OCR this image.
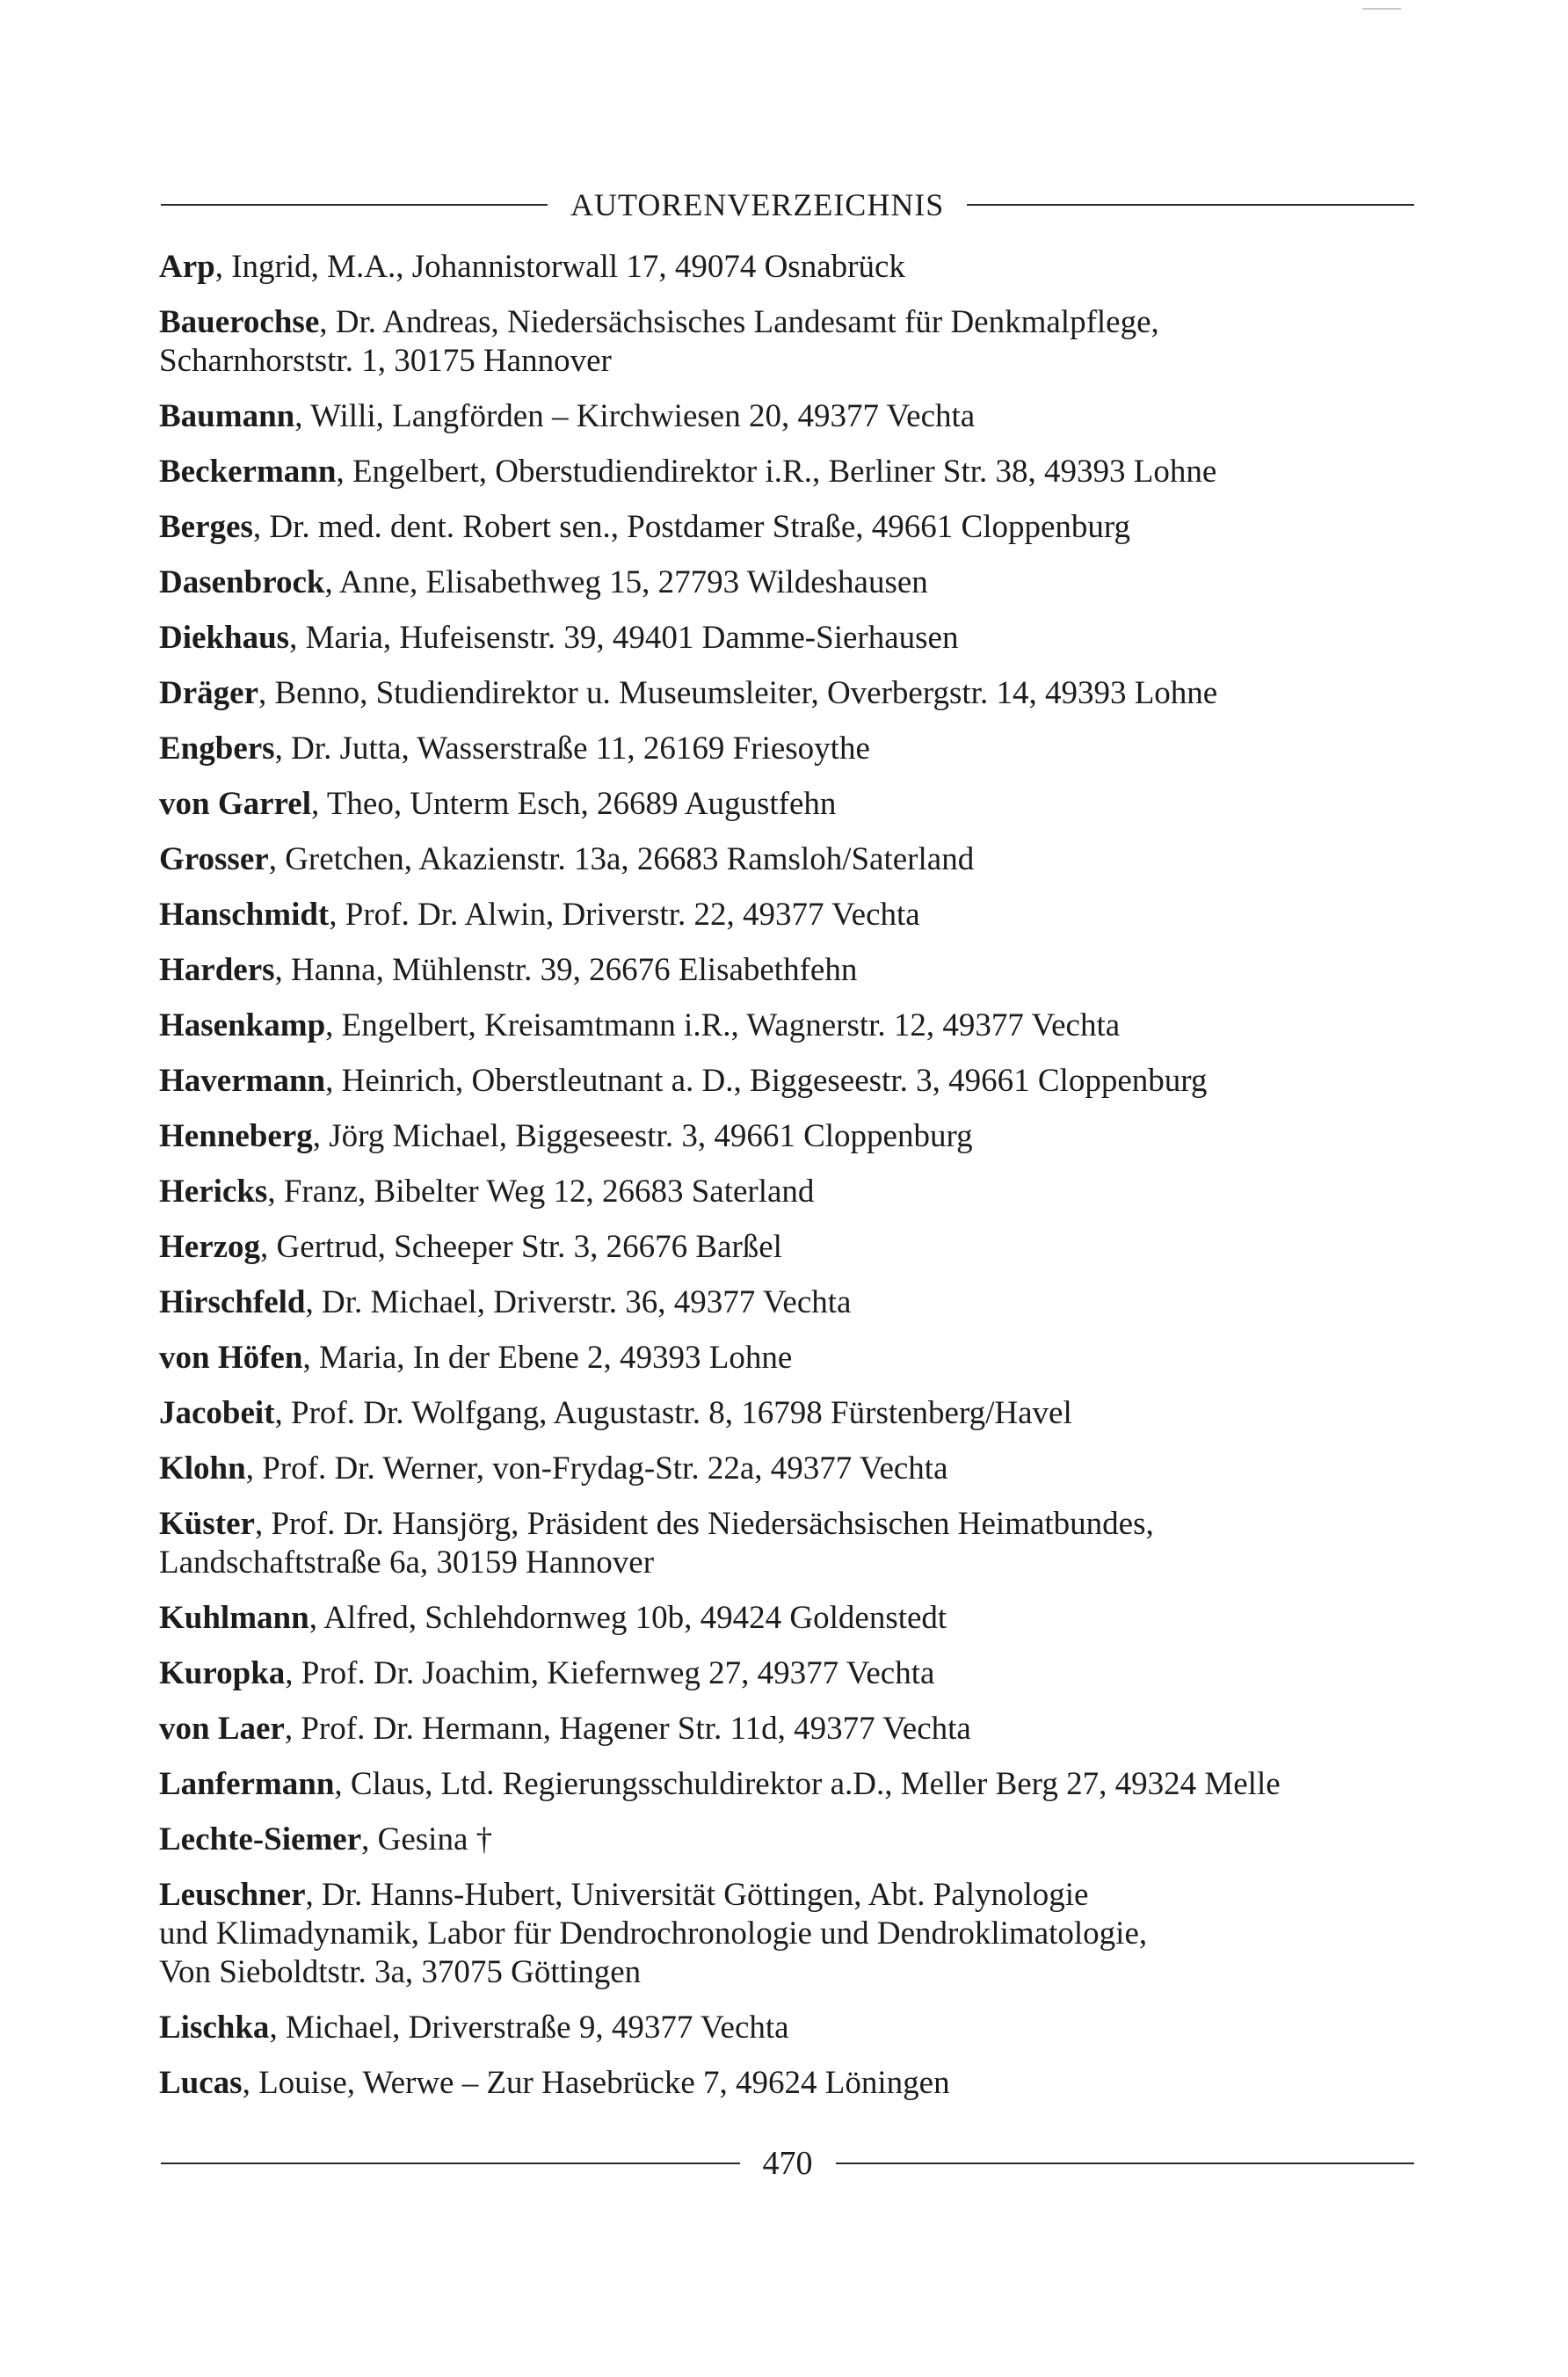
AUTORENVERZEICHNIS
Arp, Ingrid, M.A., Johannistorwall 17, 49074 Osnabrück
Bauerochse, Dr. Andreas, Niedersächsisches Landesamt für Denkmalpflege,
Scharnhorststr. 1, 30175 Hannover
Baumann, Willi, Langförden – Kirchwiesen 20, 49377 Vechta
Beckermann, Engelbert, Oberstudiendirektor i.R., Berliner Str. 38, 49393 Lohne
Berges, Dr. med. dent. Robert sen., Postdamer Straße, 49661 Cloppenburg
Dasenbrock, Anne, Elisabethweg 15, 27793 Wildeshausen
Diekhaus, Maria, Hufeisenstr. 39, 49401 Damme-Sierhausen
Dräger, Benno, Studiendirektor u. Museumsleiter, Overbergstr. 14, 49393 Lohne
Engbers, Dr. Jutta, Wasserstraße 11, 26169 Friesoythe
von Garrel, Theo, Unterm Esch, 26689 Augustfehn
Grosser, Gretchen, Akazienstr. 13a, 26683 Ramsloh/Saterland
Hanschmidt, Prof. Dr. Alwin, Driverstr. 22, 49377 Vechta
Harders, Hanna, Mühlenstr. 39, 26676 Elisabethfehn
Hasenkamp, Engelbert, Kreisamtmann i.R., Wagnerstr. 12, 49377 Vechta
Havermann, Heinrich, Oberstleutnant a. D., Biggeseestr. 3, 49661 Cloppenburg
Henneberg, Jörg Michael, Biggeseestr. 3, 49661 Cloppenburg
Hericks, Franz, Bibelter Weg 12, 26683 Saterland
Herzog, Gertrud, Scheeper Str. 3, 26676 Barßel
Hirschfeld, Dr. Michael, Driverstr. 36, 49377 Vechta
von Höfen, Maria, In der Ebene 2, 49393 Lohne
Jacobeit, Prof. Dr. Wolfgang, Augustastr. 8, 16798 Fürstenberg/Havel
Klohn, Prof. Dr. Werner, von-Frydag-Str. 22a, 49377 Vechta
Küster, Prof. Dr. Hansjörg, Präsident des Niedersächsischen Heimatbundes,
Landschaftstraße 6a, 30159 Hannover
Kuhlmann, Alfred, Schlehdornweg 10b, 49424 Goldenstedt
Kuropka, Prof. Dr. Joachim, Kiefernweg 27, 49377 Vechta
von Laer, Prof. Dr. Hermann, Hagener Str. 11d, 49377 Vechta
Lanfermann, Claus, Ltd. Regierungsschuldirektor a.D., Meller Berg 27, 49324 Melle
Lechte-Siemer, Gesina †
Leuschner, Dr. Hanns-Hubert, Universität Göttingen, Abt. Palynologie
und Klimadynamik, Labor für Dendrochronologie und Dendroklimatologie,
Von Sieboldtstr. 3a, 37075 Göttingen
Lischka, Michael, Driverstraße 9, 49377 Vechta
Lucas, Louise, Werwe – Zur Hasebrücke 7, 49624 Löningen
470
